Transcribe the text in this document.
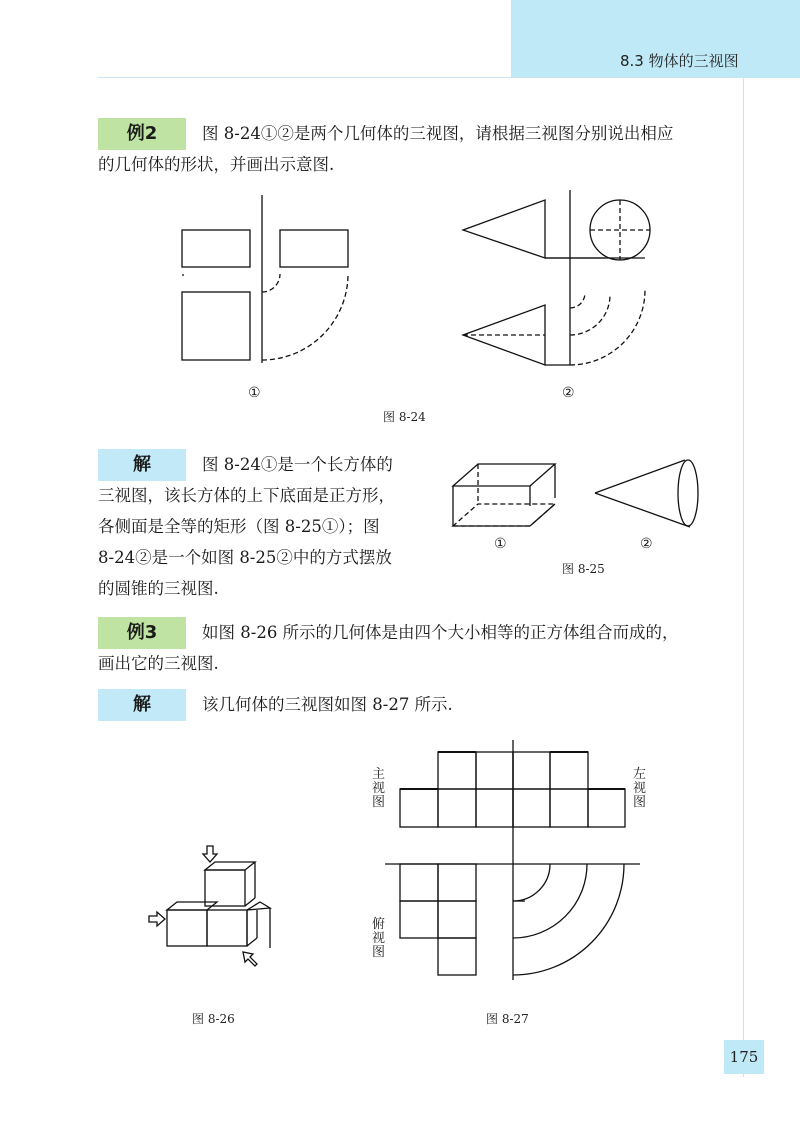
8.3 物体的三视图
例2	图 8-24①②是两个几何体的三视图，请根据三视图分别说出相应
的几何体的形状，并画出示意图.

①	②
图 8-24
解	图 8-24①是一个长方体的
三视图，该长方体的上下底面是正方形，
各侧面是全等的矩形（图 8-25①）；图
8-24②是一个如图 8-25②中的方式摆放
的圆锥的三视图.

①	②
图 8-25
例3	如图 8-26 所示的几何体是由四个大小相等的正方体组合而成的，
画出它的三视图.

解	该几何体的三视图如图 8-27 所示.

图 8-26
主视图
左视图
俯视图
图 8-27
175
